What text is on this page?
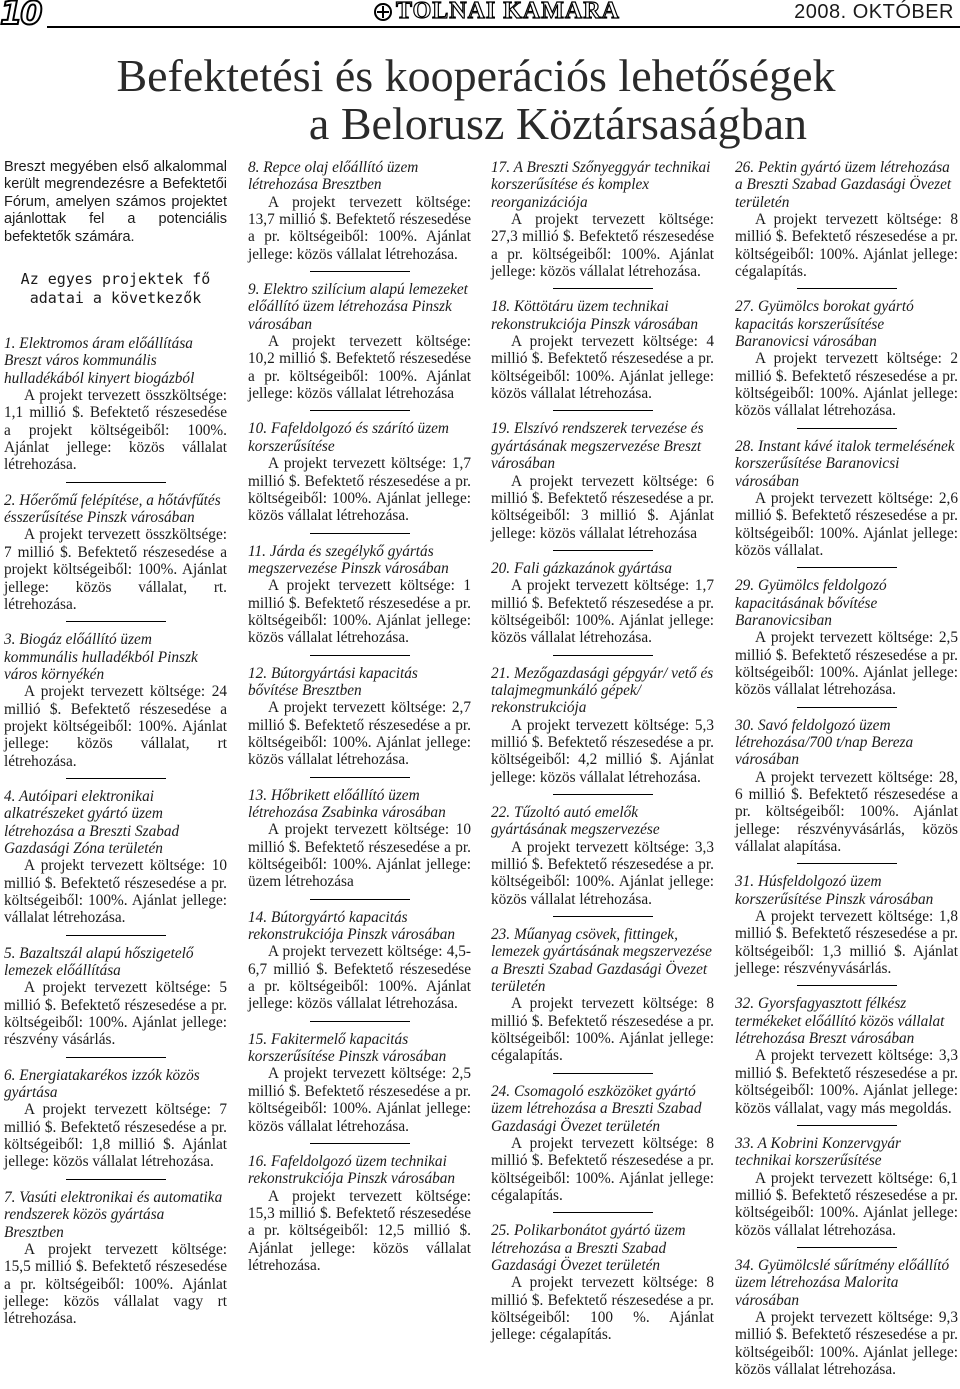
10	TOLNAI KAMARA	2008. OKTÓBER
Befektetési és kooperációs lehetőségek
a Belorusz Köztársaságban

Breszt megyében első alkalommal került megrendezésre a Befektetői Fórum, amelyen számos projektet ajánlottak fel a potenciális befektetők számára.

Az egyes projektek fő adatai a következők

1. Elektromos áram előállítása Breszt város kommunális hulladékából kinyert biogázból

A projekt tervezett összköltsége: 1,1 millió $. Befektető részesedése a projekt költségeiből: 100%. Ajánlat jellege: közös vállalat létrehozása.

2. Hőerőmű felépítése, a hőtávfűtés ésszerűsítése Pinszk városában

A projekt tervezett összköltsége: 7 millió $. Befektető részesedése a projekt költségeiből: 100%. Ajánlat jellege: közös vállalat, rt. létrehozása.

3. Biogáz előállító üzem kommunális hulladékból Pinszk város környékén

A projekt tervezett költsége: 24 millió $. Befektető részesedése a projekt költségeiből: 100%. Ajánlat jellege: közös vállalat, rt létrehozása.

4. Autóipari elektronikai alkatrészeket gyártó üzem létrehozása a Breszti Szabad Gazdasági Zóna területén

A projekt tervezett költsége: 10 millió $. Befektető részesedése a pr. költségeiből: 100%. Ajánlat jellege: vállalat létrehozása.

5. Bazaltszál alapú hőszigetelő lemezek előállítása

A projekt tervezett költsége: 5 millió $. Befektető részesedése a pr. költségeiből: 100%. Ajánlat jellege: részvény vásárlás.

6. Energiatakarékos izzók közös gyártása

A projekt tervezett költsége: 7 millió $. Befektető részesedése a pr. költségeiből: 1,8 millió $. Ajánlat jellege: közös vállalat létrehozása.

7. Vasúti elektronikai és automatika rendszerek közös gyártása Bresztben

A projekt tervezett költsége: 15,5 millió $. Befektető részesedése a pr. költségeiből: 100%. Ajánlat jellege: közös vállalat vagy rt létrehozása.

8. Repce olaj előállító üzem létrehozása Bresztben

A projekt tervezett költsége: 13,7 millió $. Befektető részesedése a pr. költségeiből: 100%. Ajánlat jellege: közös vállalat létrehozása.

9. Elektro szilícium alapú lemezeket előállító üzem létrehozása Pinszk városában

A projekt tervezett költsége: 10,2 millió $. Befektető részesedése a pr. költségeiből: 100%. Ajánlat jellege: közös vállalat létrehozása

10. Fafeldolgozó és szárító üzem korszerűsítése

A projekt tervezett költsége: 1,7 millió $. Befektető részesedése a pr. költségeiből: 100%. Ajánlat jellege: közös vállalat létrehozása.

11. Járda és szegélykő gyártás megszervezése Pinszk városában

A projekt tervezett költsége: 1 millió $. Befektető részesedése a pr. költségeiből: 100%. Ajánlat jellege: közös vállalat létrehozása.

12. Bútorgyártási kapacitás bővítése Bresztben

A projekt tervezett költsége: 2,7 millió $. Befektető részesedése a pr. költségeiből: 100%. Ajánlat jellege: közös vállalat létrehozása.

13. Hőbrikett előállító üzem létrehozása Zsabinka városában

A projekt tervezett költsége: 10 millió $. Befektető részesedése a pr. költségeiből: 100%. Ajánlat jellege: üzem létrehozása

14. Bútorgyártó kapacitás rekonstrukciója Pinszk városában

A projekt tervezett költsége: 4,5-6,7 millió $. Befektető részesedése a pr. költségeiből: 100%. Ajánlat jellege: közös vállalat létrehozása.

15. Fakitermelő kapacitás korszerűsítése Pinszk városában

A projekt tervezett költsége: 2,5 millió $. Befektető részesedése a pr. költségeiből: 100%. Ajánlat jellege: közös vállalat létrehozása.

16. Fafeldolgozó üzem technikai rekonstrukciója Pinszk városában

A projekt tervezett költsége: 15,3 millió $. Befektető részesedése a pr. költségeiből: 12,5 millió $. Ajánlat jellege: közös vállalat létrehozása.

17. A Breszti Szőnyeggyár technikai korszerűsítése és komplex reorganizációja

A projekt tervezett költsége: 27,3 millió $. Befektető részesedése a pr. költségeiből: 100%. Ajánlat jellege: közös vállalat létrehozása.

18. Köttötáru üzem technikai rekonstrukciója Pinszk városában

A projekt tervezett költsége: 4 millió $. Befektető részesedése a pr. költségeiből: 100%. Ajánlat jellege: közös vállalat létrehozása.

19. Elszívó rendszerek tervezése és gyártásának megszervezése Breszt városában

A projekt tervezett költsége: 6 millió $. Befektető részesedése a pr. költségeiből: 3 millió $. Ajánlat jellege: közös vállalat létrehozása

20. Fali gázkazánok gyártása

A projekt tervezett költsége: 1,7 millió $. Befektető részesedése a pr. költségeiből: 100%. Ajánlat jellege: közös vállalat létrehozása.

21. Mezőgazdasági gépgyár/ vető és talajmegmunkáló gépek/ rekonstrukciója

A projekt tervezett költsége: 5,3 millió $. Befektető részesedése a pr. költségeiből: 4,2 millió $. Ajánlat jellege: közös vállalat létrehozása.

22. Tűzoltó autó emelők gyártásának megszervezése

A projekt tervezett költsége: 3,3 millió $. Befektető részesedése a pr. költségeiből: 100%. Ajánlat jellege: közös vállalat létrehozása.

23. Műanyag csövek, fittingek, lemezek gyártásának megszervezése a Breszti Szabad Gazdasági Övezet területén

A projekt tervezett költsége: 8 millió $. Befektető részesedése a pr. költségeiből: 100%. Ajánlat jellege: cégalapítás.

24. Csomagoló eszközöket gyártó üzem létrehozása a Breszti Szabad Gazdasági Övezet területén

A projekt tervezett költsége: 8 millió $. Befektető részesedése a pr. költségeiből: 100%. Ajánlat jellege: cégalapítás.

25. Polikarbonátot gyártó üzem létrehozása a Breszti Szabad Gazdasági Övezet területén

A projekt tervezett költsége: 8 millió $. Befektető részesedése a pr. költségeiből: 100 %. Ajánlat jellege: cégalapítás.

26. Pektin gyártó üzem létrehozása a Breszti Szabad Gazdasági Övezet területén

A projekt tervezett költsége: 8 millió $. Befektető részesedése a pr. költségeiből: 100%. Ajánlat jellege: cégalapítás.

27. Gyümölcs borokat gyártó kapacitás korszerűsítése Baranovicsi városában

A projekt tervezett költsége: 2 millió $. Befektető részesedése a pr. költségeiből: 100%. Ajánlat jellege: közös vállalat létrehozása.

28. Instant kávé italok termelésének korszerűsítése Baranovicsi városában

A projekt tervezett költsége: 2,6 millió $. Befektető részesedése a pr. költségeiből: 100%. Ajánlat jellege: közös vállalat.

29. Gyümölcs feldolgozó kapacitásának bővítése Baranovicsiban

A projekt tervezett költsége: 2,5 millió $. Befektető részesedése a pr. költségeiből: 100%. Ajánlat jellege: közös vállalat létrehozása.

30. Savó feldolgozó üzem létrehozása/700 t/nap Bereza városában

A projekt tervezett költsége: 28, 6 millió $. Befektető részesedése a pr. költségeiből: 100%. Ajánlat jellege: részvényvásárlás, közös vállalat alapítása.

31. Húsfeldolgozó üzem korszerűsítése Pinszk városában

A projekt tervezett költsége: 1,8 millió $. Befektető részesedése a pr. költségeiből: 1,3 millió $. Ajánlat jellege: részvényvásárlás.

32. Gyorsfagyasztott félkész termékeket előállító közös vállalat létrehozása Breszt városában

A projekt tervezett költsége: 3,3 millió $. Befektető részesedése a pr. költségeiből: 100%. Ajánlat jellege: közös vállalat, vagy más megoldás.

33. A Kobrini Konzervgyár technikai korszerűsítése

A projekt tervezett költsége: 6,1 millió $. Befektető részesedése a pr. költségeiből: 100%. Ajánlat jellege: közös vállalat létrehozása.

34. Gyümölcslé sűrítmény előállító üzem létrehozása Malorita városában

A projekt tervezett költsége: 9,3 millió $. Befektető részesedése a pr. költségeiből: 100%. Ajánlat jellege: közös vállalat létrehozása.
